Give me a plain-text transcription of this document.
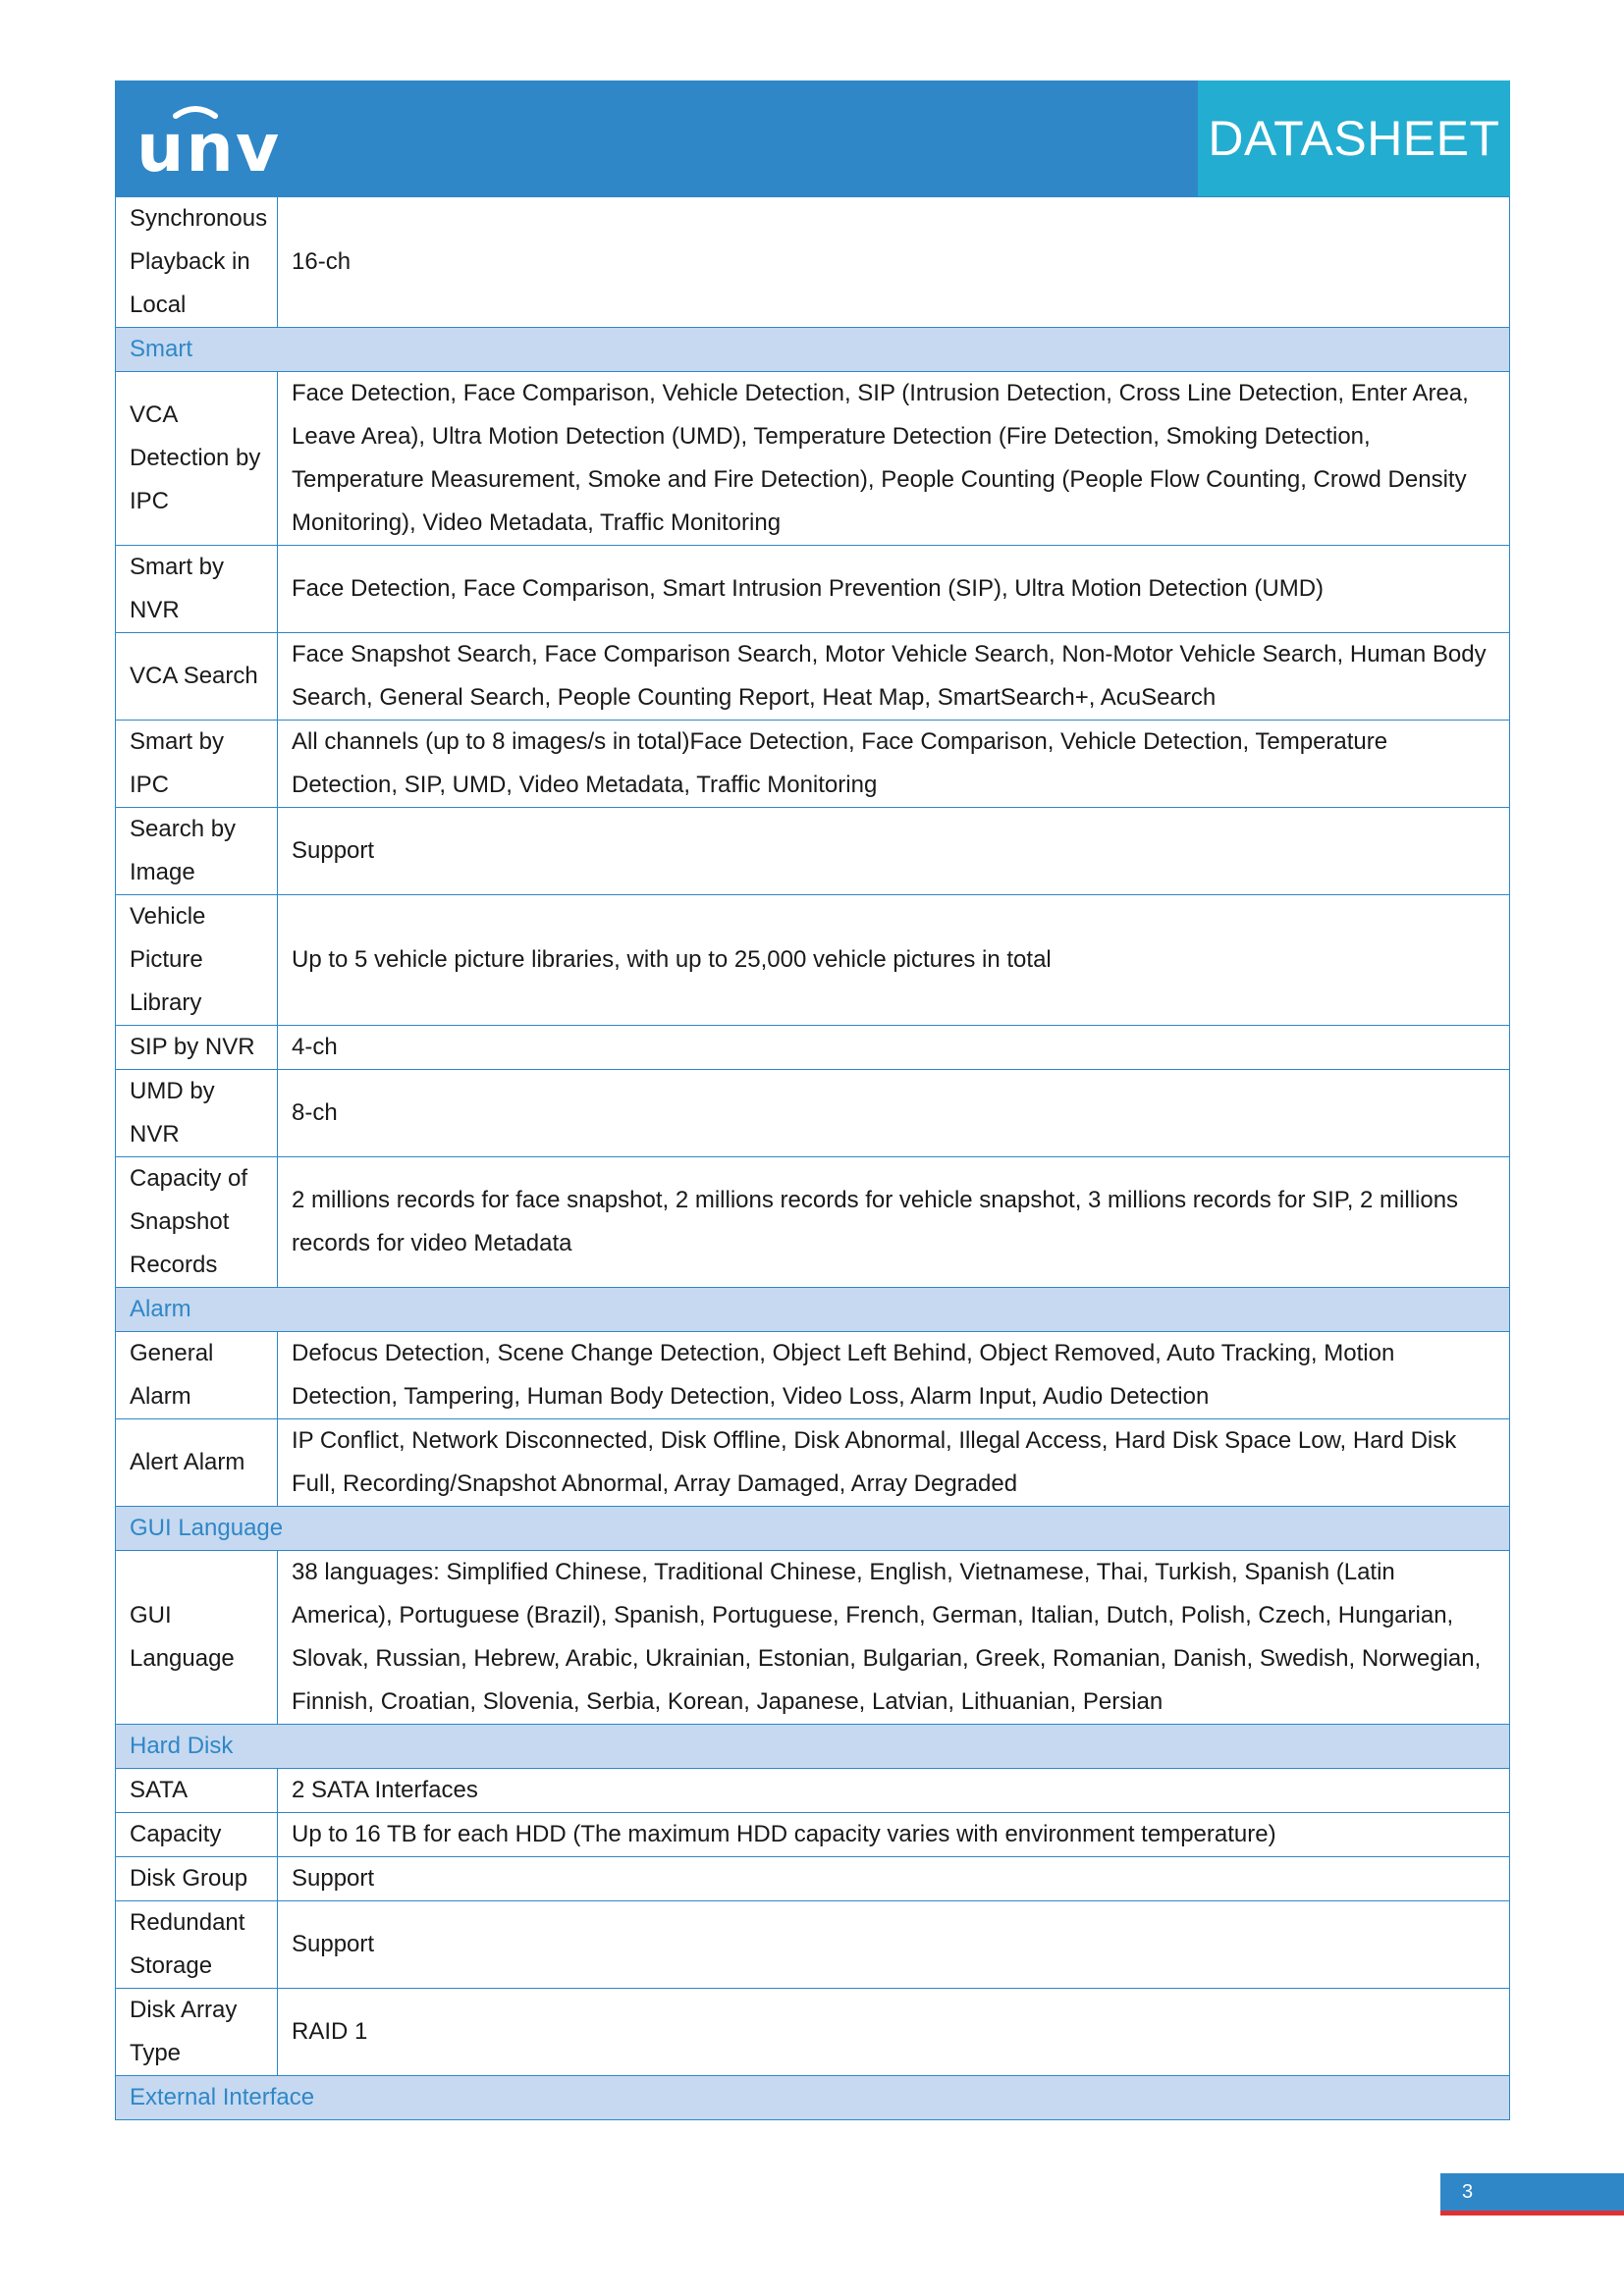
unv	DATASHEET
Synchronous Playback in Local	16-ch
Smart	
VCA Detection by IPC	Face Detection, Face Comparison, Vehicle Detection, SIP (Intrusion Detection, Cross Line Detection, Enter Area, Leave Area), Ultra Motion Detection (UMD), Temperature Detection (Fire Detection, Smoking Detection, Temperature Measurement, Smoke and Fire Detection), People Counting (People Flow Counting, Crowd Density Monitoring), Video Metadata, Traffic Monitoring
Smart by NVR	Face Detection, Face Comparison, Smart Intrusion Prevention (SIP), Ultra Motion Detection (UMD)
VCA Search	Face Snapshot Search, Face Comparison Search, Motor Vehicle Search, Non-Motor Vehicle Search, Human Body Search, General Search, People Counting Report, Heat Map, SmartSearch+, AcuSearch
Smart by IPC	All channels (up to 8 images/s in total)Face Detection, Face Comparison, Vehicle Detection, Temperature Detection, SIP, UMD, Video Metadata, Traffic Monitoring
Search by Image	Support
Vehicle Picture Library	Up to 5 vehicle picture libraries, with up to 25,000 vehicle pictures in total
SIP by NVR	4-ch
UMD by NVR	8-ch
Capacity of Snapshot Records	2 millions records for face snapshot, 2 millions records for vehicle snapshot, 3 millions records for SIP, 2 millions records for video Metadata
Alarm	
General Alarm	Defocus Detection, Scene Change Detection, Object Left Behind, Object Removed, Auto Tracking, Motion Detection, Tampering, Human Body Detection, Video Loss, Alarm Input, Audio Detection
Alert Alarm	IP Conflict, Network Disconnected, Disk Offline, Disk Abnormal, Illegal Access, Hard Disk Space Low, Hard Disk Full, Recording/Snapshot Abnormal, Array Damaged, Array Degraded
GUI Language	
GUI Language	38 languages: Simplified Chinese, Traditional Chinese, English, Vietnamese, Thai, Turkish, Spanish (Latin America), Portuguese (Brazil), Spanish, Portuguese, French, German, Italian, Dutch, Polish, Czech, Hungarian, Slovak, Russian, Hebrew, Arabic, Ukrainian, Estonian, Bulgarian, Greek, Romanian, Danish, Swedish, Norwegian, Finnish, Croatian, Slovenia, Serbia, Korean, Japanese, Latvian, Lithuanian, Persian
Hard Disk	
SATA	2 SATA Interfaces
Capacity	Up to 16 TB for each HDD (The maximum HDD capacity varies with environment temperature)
Disk Group	Support
Redundant Storage	Support
Disk Array Type	RAID 1
External Interface	
3
